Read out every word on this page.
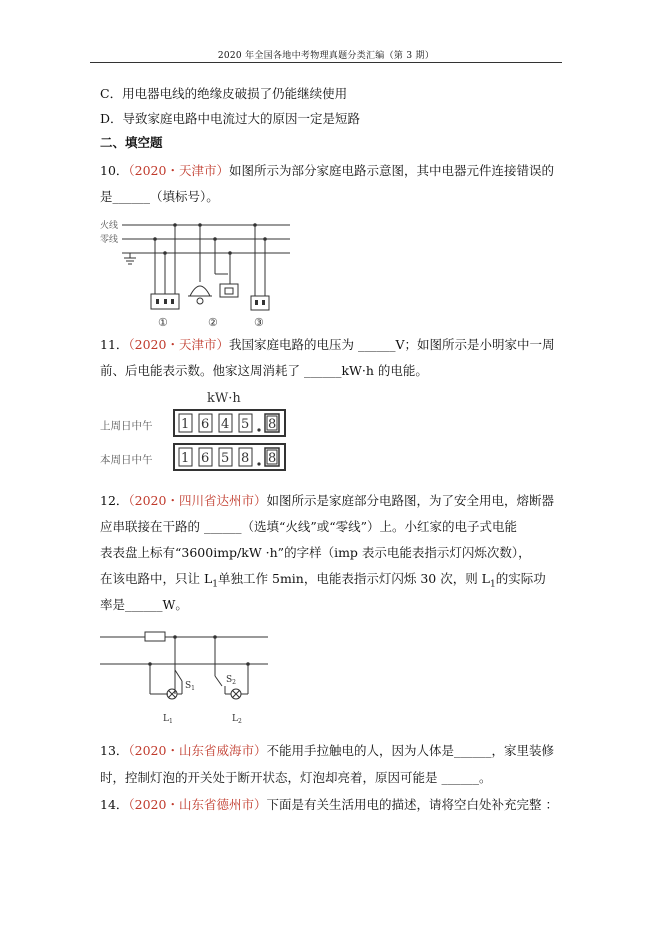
2020 年全国各地中考物理真题分类汇编（第 3 期）
C．用电器电线的绝缘皮破损了仍能继续使用
D．导致家庭电路中电流过大的原因一定是短路
二、填空题
10．（2020・天津市）如图所示为部分家庭电路示意图，其中电器元件连接错误的
是______（填标号）。
火线
零线
①	②	③
11．（2020・天津市）我国家庭电路的电压为 ______V；如图所示是小明家中一周
前、后电能表示数。他家这周消耗了 ______kW·h 的电能。
kW·h
上周日中午
本周日中午
1 6 4 5 8
1 6 5 8 8
12．（2020・四川省达州市）如图所示是家庭部分电路图，为了安全用电，熔断器
应串联接在干路的 ______（选填“火线”或“零线”）上。小红家的电子式电能
表表盘上标有“3600imp/kW ·h”的字样（imp 表示电能表指示灯闪烁次数），
在该电路中，只让 $L_1$单独工作 5min，电能表指示灯闪烁 30 次，则 $L_1$的实际功
率是______W。
$S_1$
$S_2$
$L_1$	$L_2$
13．（2020・山东省威海市）不能用手拉触电的人，因为人体是______，家里装修
时，控制灯泡的开关处于断开状态，灯泡却亮着，原因可能是 ______。
14．（2020・山东省德州市）下面是有关生活用电的描述，请将空白处补充完整 ：
